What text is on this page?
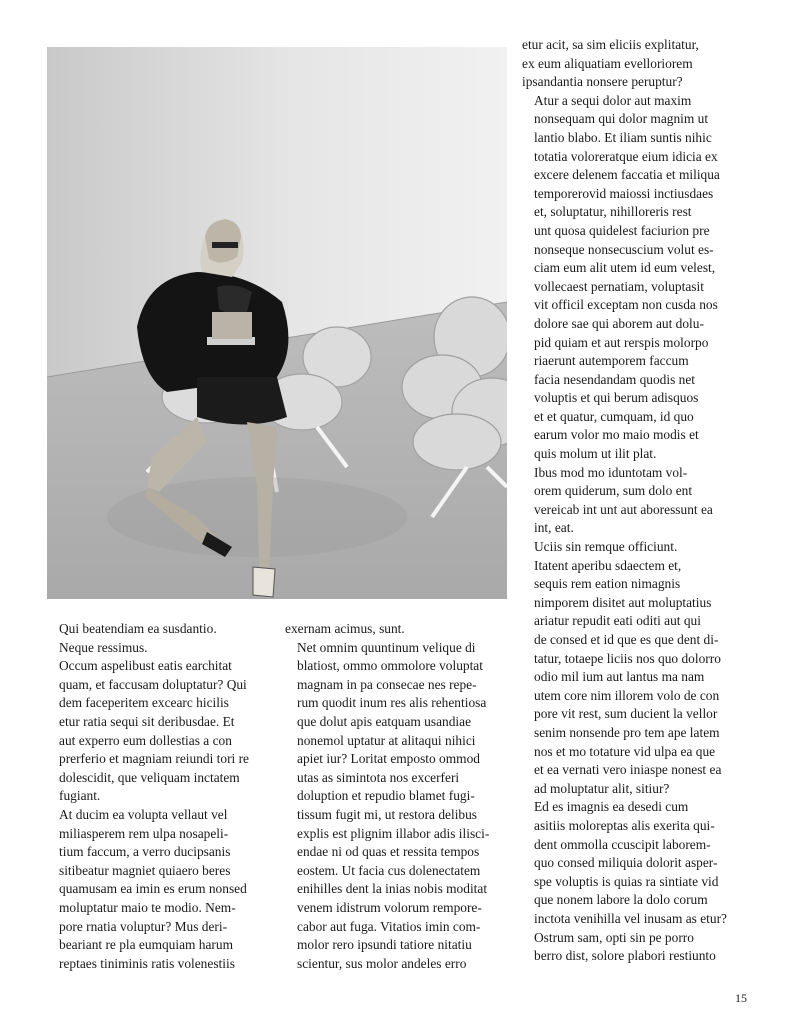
Qui beatendiam ea susdantio.
Neque ressimus.

Occum aspelibust eatis earchitat
quam, et faccusam doluptatur? Qui
dem faceperitem excearc hicilis
etur ratia sequi sit deribusdae. Et
aut experro eum dollestias a con
prerferio et magniam reiundi tori re
dolescidit, que veliquam inctatem
fugiant.

At ducim ea volupta vellaut vel
miliasperem rem ulpa nosapeli-
tium faccum, a verro ducipsanis
sitibeatur magniet quiaero beres
quamusam ea imin es erum nonsed
moluptatur maio te modio. Nem-
pore rnatia voluptur? Mus deri-
beariant re pla eumquiam harum
reptaes tiniminis ratis volenestiis

exernam acimus, sunt.

Net omnim quuntinum velique di
blatiost, ommo ommolore voluptat
magnam in pa consecae nes repe-
rum quodit inum res alis rehentiosa
que dolut apis eatquam usandiae
nonemol uptatur at alitaqui nihici
apiet iur? Loritat emposto ommod
utas as simintota nos excerferi
doluption et repudio blamet fugi-
tissum fugit mi, ut restora delibus
explis est plignim illabor adis ilisci-
endae ni od quas et ressita tempos
eostem. Ut facia cus dolenectatem
enihilles dent la inias nobis moditat
venem idistrum volorum rempore-
cabor aut fuga. Vitatios imin com-
molor rero ipsundi tatiore nitatiu
scientur, sus molor andeles erro

etur acit, sa sim eliciis explitatur,
ex eum aliquatiam evelloriorem
ipsandantia nonsere peruptur?

Atur a sequi dolor aut maxim
nonsequam qui dolor magnim ut
lantio blabo. Et iliam suntis nihic
totatia voloreratque eium idicia ex
excere delenem faccatia et miliqua
temporerovid maiossi inctiusdaes
et, soluptatur, nihilloreris rest
unt quosa quidelest faciurion pre
nonseque nonsecuscium volut es-
ciam eum alit utem id eum velest,
vollecaest pernatiam, voluptasit
vit officil exceptam non cusda nos
dolore sae qui aborem aut dolu-
pid quiam et aut rerspis molorpo
riaerunt autemporem faccum
facia nesendandam quodis net
voluptis et qui berum adisquos
et et quatur, cumquam, id quo
earum volor mo maio modis et
quis molum ut ilit plat.

Ibus mod mo iduntotam vol-
orem quiderum, sum dolo ent
vereicab int unt aut aboressunt ea
int, eat.

Uciis sin remque officiunt.

Itatent aperibu sdaectem et,
sequis rem eation nimagnis
nimporem disitet aut moluptatius
ariatur repudit eati oditi aut qui
de consed et id que es que dent di-
tatur, totaepe liciis nos quo dolorro
odio mil ium aut lantus ma nam
utem core nim illorem volo de con
pore vit rest, sum ducient la vellor
senim nonsende pro tem ape latem
nos et mo totature vid ulpa ea que
et ea vernati vero iniaspe nonest ea
ad moluptatur alit, sitiur?

Ed es imagnis ea desedi cum
asitiis moloreptas alis exerita qui-
dent ommolla ccuscipit laborem-
quo consed miliquia dolorit asper-
spe voluptis is quias ra sintiate vid
que nonem labore la dolo corum
inctota venihilla vel inusam as etur?

Ostrum sam, opti sin pe porro
berro dist, solore plabori restiunto

15
